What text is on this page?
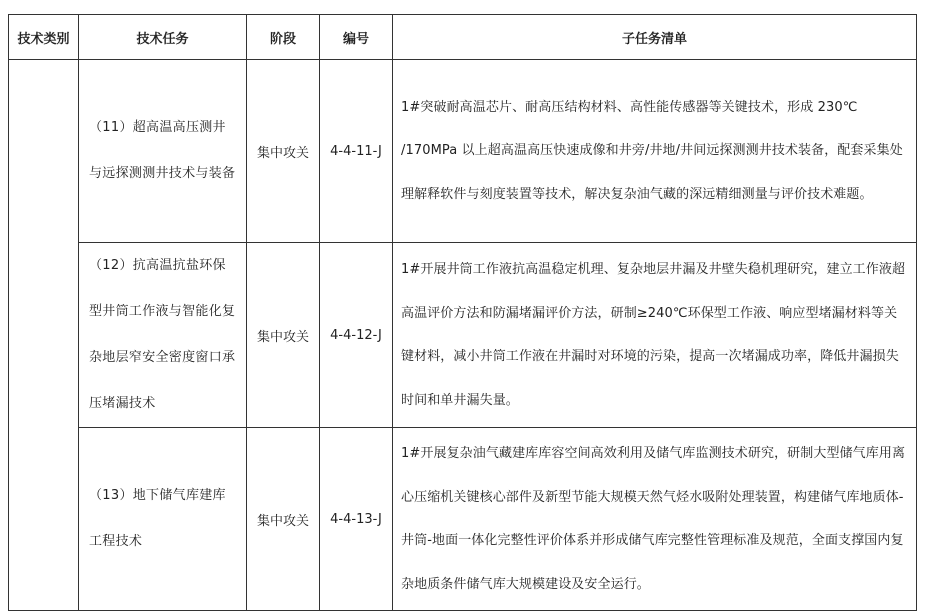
技术类别	技术任务	阶段	编号	子任务清单
	（11）超高温高压测井与远探测测井技术与装备	集中攻关	4-4-11-J	1#突破耐高温芯片、耐高压结构材料、高性能传感器等关键技术，形成 230℃ /170MPa 以上超高温高压快速成像和井旁/井地/井间远探测测井技术装备，配套采集处理解释软件与刻度装置等技术，解决复杂油气藏的深远精细测量与评价技术难题。
	（12）抗高温抗盐环保型井筒工作液与智能化复杂地层窄安全密度窗口承压堵漏技术	集中攻关	4-4-12-J	1#开展井筒工作液抗高温稳定机理、复杂地层井漏及井壁失稳机理研究，建立工作液超高温评价方法和防漏堵漏评价方法，研制≥240℃环保型工作液、响应型堵漏材料等关键材料，减小井筒工作液在井漏时对环境的污染，提高一次堵漏成功率，降低井漏损失时间和单井漏失量。
	（13）地下储气库建库工程技术	集中攻关	4-4-13-J	1#开展复杂油气藏建库库容空间高效利用及储气库监测技术研究，研制大型储气库用离心压缩机关键核心部件及新型节能大规模天然气烃水吸附处理装置，构建储气库地质体-井筒-地面一体化完整性评价体系并形成储气库完整性管理标准及规范，全面支撑国内复杂地质条件储气库大规模建设及安全运行。
